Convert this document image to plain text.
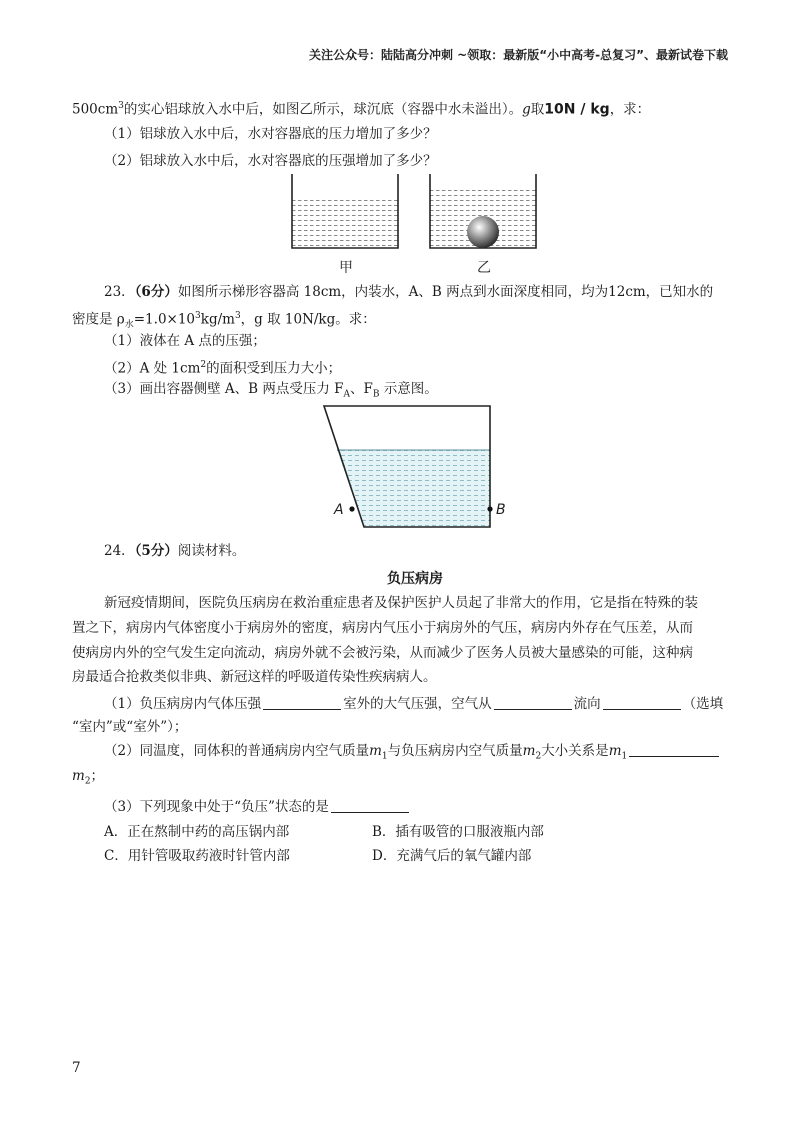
关注公众号：陆陆高分冲刺 ~领取：最新版“小中高考-总复习”、最新试卷下载
$500cm^3$的实心铝球放入水中后，如图乙所示，球沉底（容器中水未溢出）。g取10N / kg，求：
（1）铝球放入水中后，水对容器底的压力增加了多少？
（2）铝球放入水中后，水对容器底的压强增加了多少？
甲	乙
23．（6分）如图所示梯形容器高 18cm，内装水，A、B 两点到水面深度相同，均为12cm，已知水的
密度是 $\rho_水=1.0\times 10^3kg/m^3$，g 取 10N/kg。求：
（1）液体在 A 点的压强；
（2）A 处 $1cm^2$的面积受到压力大小；
（3）画出容器侧壁 A、B 两点受压力 $F_A$、$F_B$ 示意图。
A	B
24．（5分）阅读材料。
负压病房
新冠疫情期间，医院负压病房在救治重症患者及保护医护人员起了非常大的作用，它是指在特殊的装
置之下，病房内气体密度小于病房外的密度，病房内气压小于病房外的气压，病房内外存在气压差，从而
使病房内外的空气发生定向流动，病房外就不会被污染，从而减少了医务人员被大量感染的可能，这种病
房最适合抢救类似非典、新冠这样的呼吸道传染性疾病病人。
（1）负压病房内气体压强	室外的大气压强，空气从	流向	（选填
“室内”或“室外”）；
（2）同温度，同体积的普通病房内空气质量$m_1$与负压病房内空气质量$m_2$大小关系是$m_1$
$m_2$；
（3）下列现象中处于“负压”状态的是
A．正在熬制中药的高压锅内部	B．插有吸管的口服液瓶内部
C．用针管吸取药液时针管内部	D．充满气后的氧气罐内部
7
